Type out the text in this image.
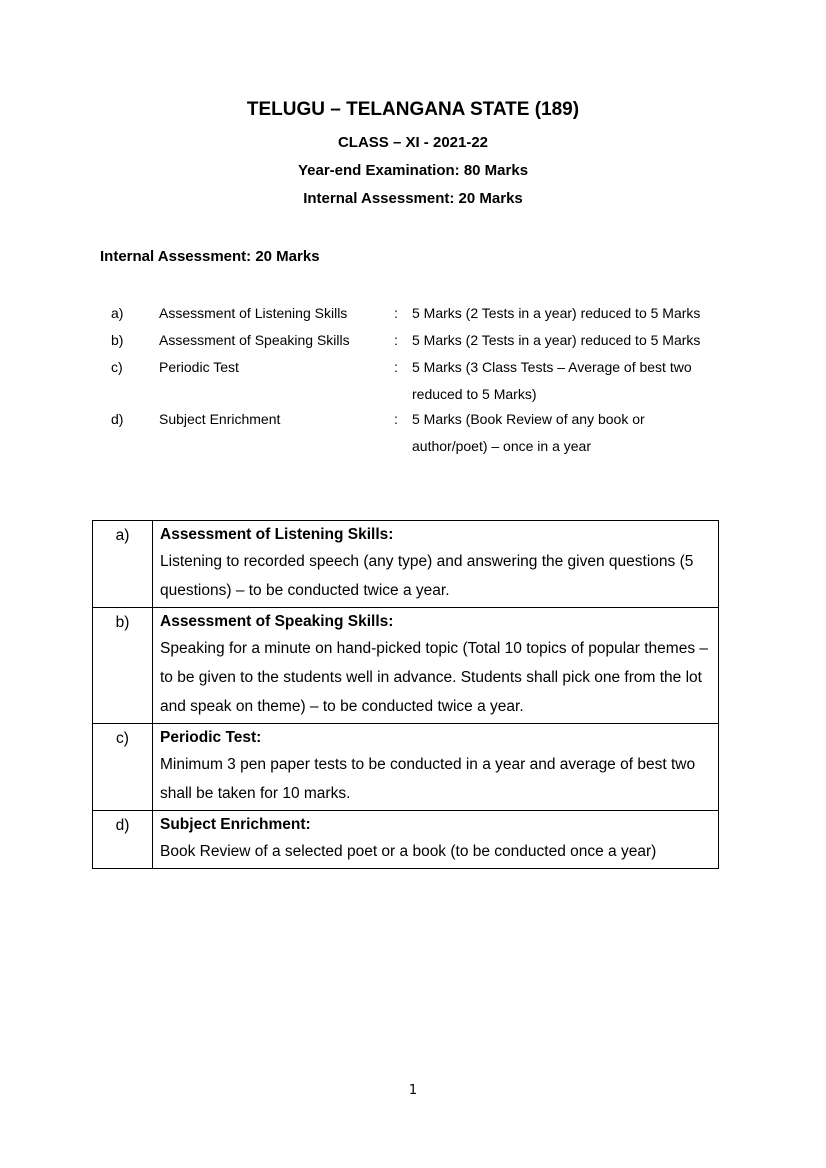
TELUGU – TELANGANA STATE (189)
CLASS – XI - 2021-22
Year-end Examination: 80 Marks
Internal Assessment: 20 Marks
Internal Assessment: 20 Marks
a)	Assessment of Listening Skills	: 5 Marks (2 Tests in a year) reduced to 5 Marks
b)	Assessment of Speaking Skills	: 5 Marks (2 Tests in a year) reduced to 5 Marks
c)	Periodic Test	: 5 Marks (3 Class Tests – Average of best two reduced to 5 Marks)
d)	Subject Enrichment	: 5 Marks (Book Review of any book or author/poet) – once in a year
a)	Assessment of Listening Skills:
Listening to recorded speech (any type) and answering the given questions (5 questions) – to be conducted twice a year.

b)	Assessment of Speaking Skills:
Speaking for a minute on hand-picked topic (Total 10 topics of popular themes – to be given to the students well in advance. Students shall pick one from the lot and speak on theme) – to be conducted twice a year.

c)	Periodic Test:
Minimum 3 pen paper tests to be conducted in a year and average of best two shall be taken for 10 marks.

d)	Subject Enrichment:
Book Review of a selected poet or a book (to be conducted once a year)
1
